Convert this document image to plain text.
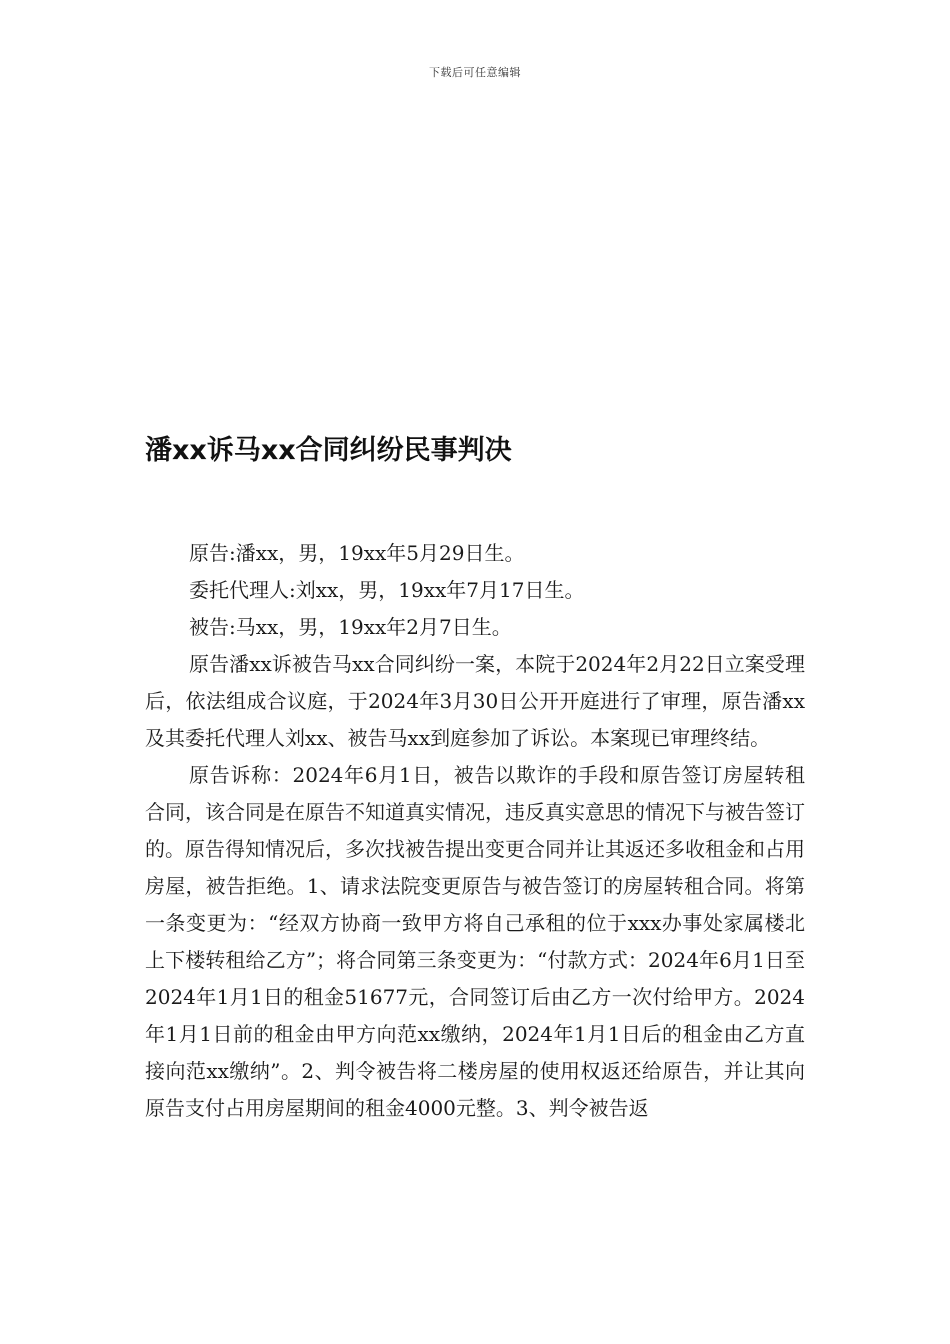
下载后可任意编辑
潘xx诉马xx合同纠纷民事判决

原告:潘xx，男，19xx年5月29日生。

委托代理人:刘xx，男，19xx年7月17日生。

被告:马xx，男，19xx年2月7日生。

原告潘xx诉被告马xx合同纠纷一案，本院于2024年2月22日立案受理后，依法组成合议庭，于2024年3月30日公开开庭进行了审理，原告潘xx及其委托代理人刘xx、被告马xx到庭参加了诉讼。本案现已审理终结。

原告诉称：2024年6月1日，被告以欺诈的手段和原告签订房屋转租合同，该合同是在原告不知道真实情况，违反真实意思的情况下与被告签订的。原告得知情况后，多次找被告提出变更合同并让其返还多收租金和占用房屋，被告拒绝。1、请求法院变更原告与被告签订的房屋转租合同。将第一条变更为：“经双方协商一致甲方将自己承租的位于xxx办事处家属楼北上下楼转租给乙方”；将合同第三条变更为：“付款方式：2024年6月1日至2024年1月1日的租金51677元，合同签订后由乙方一次付给甲方。2024年1月1日前的租金由甲方向范xx缴纳，2024年1月1日后的租金由乙方直接向范xx缴纳”。2、判令被告将二楼房屋的使用权返还给原告，并让其向原告支付占用房屋期间的租金4000元整。3、判令被告返
